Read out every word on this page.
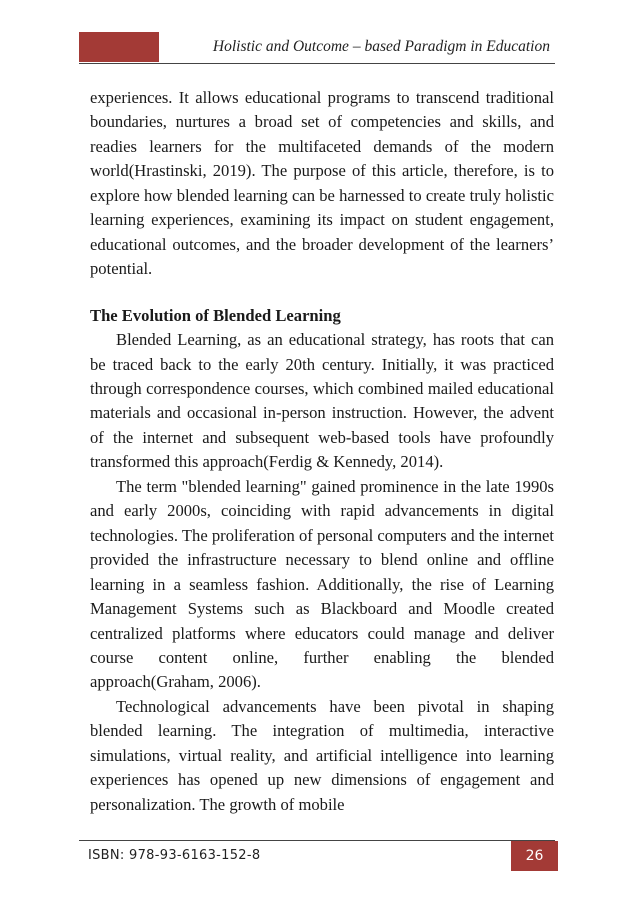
Holistic and Outcome – based Paradigm in Education

experiences. It allows educational programs to transcend traditional boundaries, nurtures a broad set of competencies and skills, and readies learners for the multifaceted demands of the modern world(Hrastinski, 2019). The purpose of this article, therefore, is to explore how blended learning can be harnessed to create truly holistic learning experiences, examining its impact on student engagement, educational outcomes, and the broader development of the learners’ potential.

The Evolution of Blended Learning

Blended Learning, as an educational strategy, has roots that can be traced back to the early 20th century. Initially, it was practiced through correspondence courses, which combined mailed educational materials and occasional in-person instruction. However, the advent of the internet and subsequent web-based tools have profoundly transformed this approach(Ferdig & Kennedy, 2014).

The term "blended learning" gained prominence in the late 1990s and early 2000s, coinciding with rapid advancements in digital technologies. The proliferation of personal computers and the internet provided the infrastructure necessary to blend online and offline learning in a seamless fashion. Additionally, the rise of Learning Management Systems such as Blackboard and Moodle created centralized platforms where educators could manage and deliver course content online, further enabling the blended approach(Graham, 2006).

Technological advancements have been pivotal in shaping blended learning. The integration of multimedia, interactive simulations, virtual reality, and artificial intelligence into learning experiences has opened up new dimensions of engagement and personalization. The growth of mobile

ISBN: 978-93-6163-152-8	26
